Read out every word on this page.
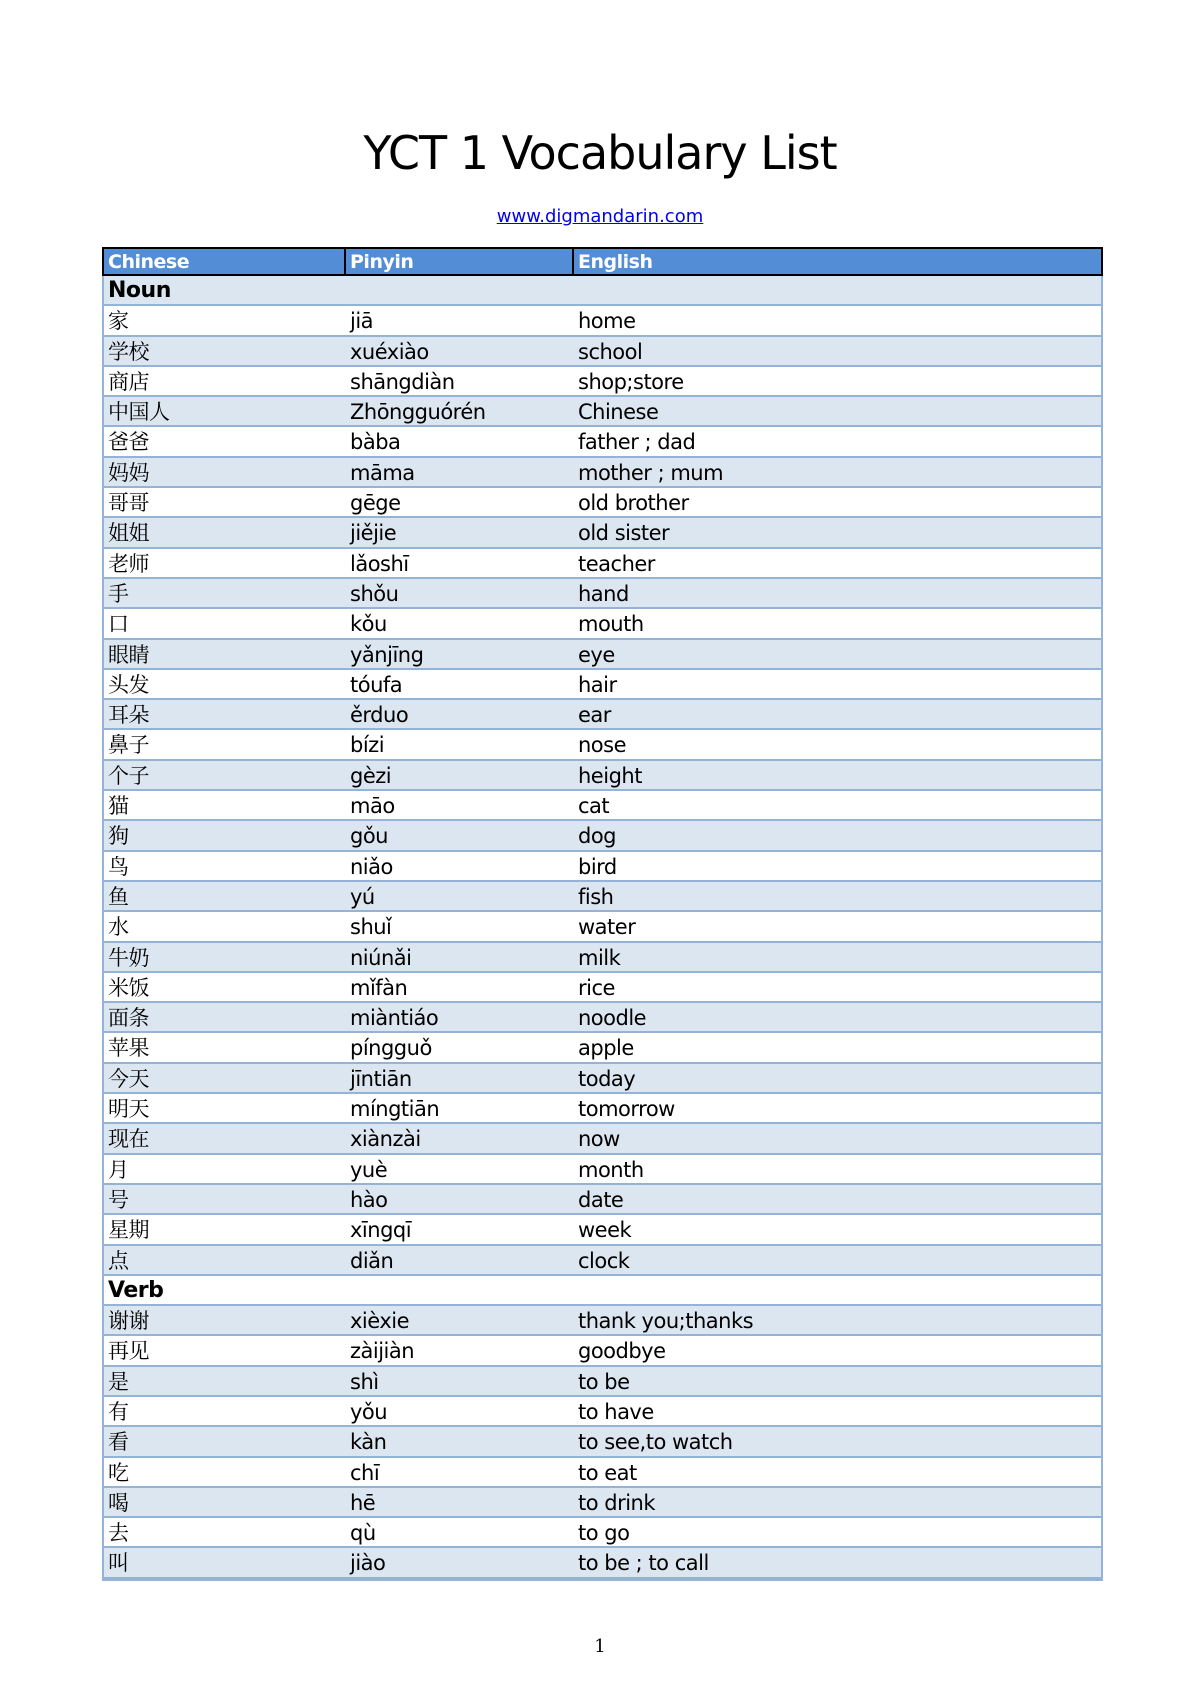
YCT 1 Vocabulary List
www.digmandarin.com
Chinese	Pinyin	English
Noun
家	jiā	home
学校	xuéxiào	school
商店	shāngdiàn	shop;store
中国人	Zhōngguórén	Chinese
爸爸	bàba	father ; dad
妈妈	māma	mother ; mum
哥哥	gēge	old brother
姐姐	jiějie	old sister
老师	lǎoshī	teacher
手	shǒu	hand
口	kǒu	mouth
眼睛	yǎnjīng	eye
头发	tóufa	hair
耳朵	ěrduo	ear
鼻子	bízi	nose
个子	gèzi	height
猫	māo	cat
狗	gǒu	dog
鸟	niǎo	bird
鱼	yú	fish
水	shuǐ	water
牛奶	niúnǎi	milk
米饭	mǐfàn	rice
面条	miàntiáo	noodle
苹果	píngguǒ	apple
今天	jīntiān	today
明天	míngtiān	tomorrow
现在	xiànzài	now
月	yuè	month
号	hào	date
星期	xīngqī	week
点	diǎn	clock
Verb
谢谢	xièxie	thank you;thanks
再见	zàijiàn	goodbye
是	shì	to be
有	yǒu	to have
看	kàn	to see,to watch
吃	chī	to eat
喝	hē	to drink
去	qù	to go
叫	jiào	to be ; to call
1
